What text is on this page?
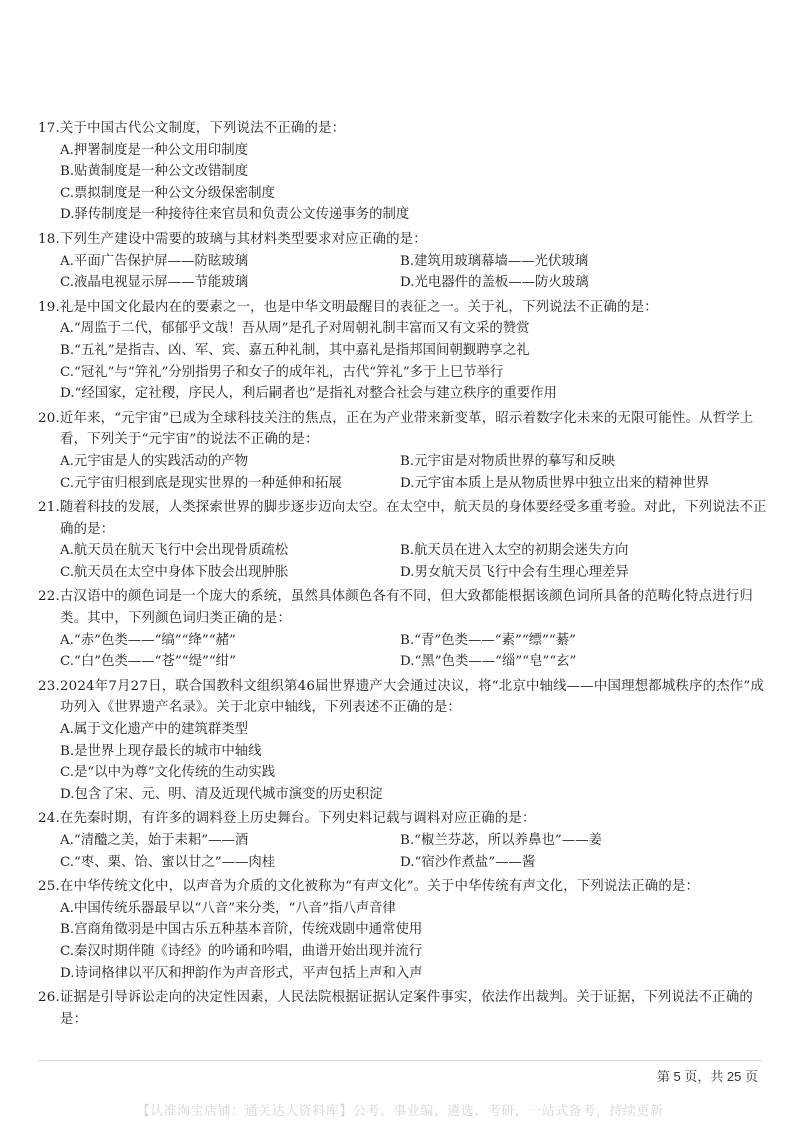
17.关于中国古代公文制度，下列说法不正确的是：
A.押署制度是一种公文用印制度
B.贴黄制度是一种公文改错制度
C.票拟制度是一种公文分级保密制度
D.驿传制度是一种接待往来官员和负责公文传递事务的制度
18.下列生产建设中需要的玻璃与其材料类型要求对应正确的是：
A.平面广告保护屏——防眩玻璃	B.建筑用玻璃幕墙——光伏玻璃
C.液晶电视显示屏——节能玻璃	D.光电器件的盖板——防火玻璃
19.礼是中国文化最内在的要素之一，也是中华文明最醒目的表征之一。关于礼，下列说法不正确的是：
A.“周监于二代，郁郁乎文哉！吾从周”是孔子对周朝礼制丰富而又有文采的赞赏
B.“五礼”是指吉、凶、军、宾、嘉五种礼制，其中嘉礼是指邦国间朝觐聘享之礼
C.“冠礼”与“笄礼”分别指男子和女子的成年礼，古代“笄礼”多于上巳节举行
D.“经国家，定社稷，序民人，利后嗣者也”是指礼对整合社会与建立秩序的重要作用
20.近年来，“元宇宙”已成为全球科技关注的焦点，正在为产业带来新变革，昭示着数字化未来的无限可能性。从哲学上看，下列关于“元宇宙”的说法不正确的是：
A.元宇宙是人的实践活动的产物	B.元宇宙是对物质世界的摹写和反映
C.元宇宙归根到底是现实世界的一种延伸和拓展	D.元宇宙本质上是从物质世界中独立出来的精神世界
21.随着科技的发展，人类探索世界的脚步逐步迈向太空。在太空中，航天员的身体要经受多重考验。对此，下列说法不正确的是：
A.航天员在航天飞行中会出现骨质疏松	B.航天员在进入太空的初期会迷失方向
C.航天员在太空中身体下肢会出现肿胀	D.男女航天员飞行中会有生理心理差异
22.古汉语中的颜色词是一个庞大的系统，虽然具体颜色各有不同，但大致都能根据该颜色词所具备的范畴化特点进行归类。其中，下列颜色词归类正确的是：
A.“赤”色类——“缟”“绛”“赭”	B.“青”色类——“素”“缥”“綦”
C.“白”色类——“苍”“缇”“绀”	D.“黑”色类——“缁”“皂”“玄”
23.2024年7月27日，联合国教科文组织第46届世界遗产大会通过决议，将“北京中轴线——中国理想都城秩序的杰作”成功列入《世界遗产名录》。关于北京中轴线，下列表述不正确的是：
A.属于文化遗产中的建筑群类型
B.是世界上现存最长的城市中轴线
C.是“以中为尊”文化传统的生动实践
D.包含了宋、元、明、清及近现代城市演变的历史积淀
24.在先秦时期，有许多的调料登上历史舞台。下列史料记载与调料对应正确的是：
A.“清醠之美，始于耒耜”——酒	B.“椒兰芬苾，所以养鼻也”——姜
C.“枣、栗、饴、蜜以甘之”——肉桂	D.“宿沙作煮盐”——酱
25.在中华传统文化中，以声音为介质的文化被称为“有声文化”。关于中华传统有声文化，下列说法正确的是：
A.中国传统乐器最早以“八音”来分类，“八音”指八声音律
B.宫商角徵羽是中国古乐五种基本音阶，传统戏剧中通常使用
C.秦汉时期伴随《诗经》的吟诵和吟唱，曲谱开始出现并流行
D.诗词格律以平仄和押韵作为声音形式，平声包括上声和入声
26.证据是引导诉讼走向的决定性因素，人民法院根据证据认定案件事实，依法作出裁判。关于证据，下列说法不正确的是：
第 5 页，共 25 页
【认准淘宝店铺：通关达人资料库】公考、事业编、遴选、考研，一站式备考，持续更新
